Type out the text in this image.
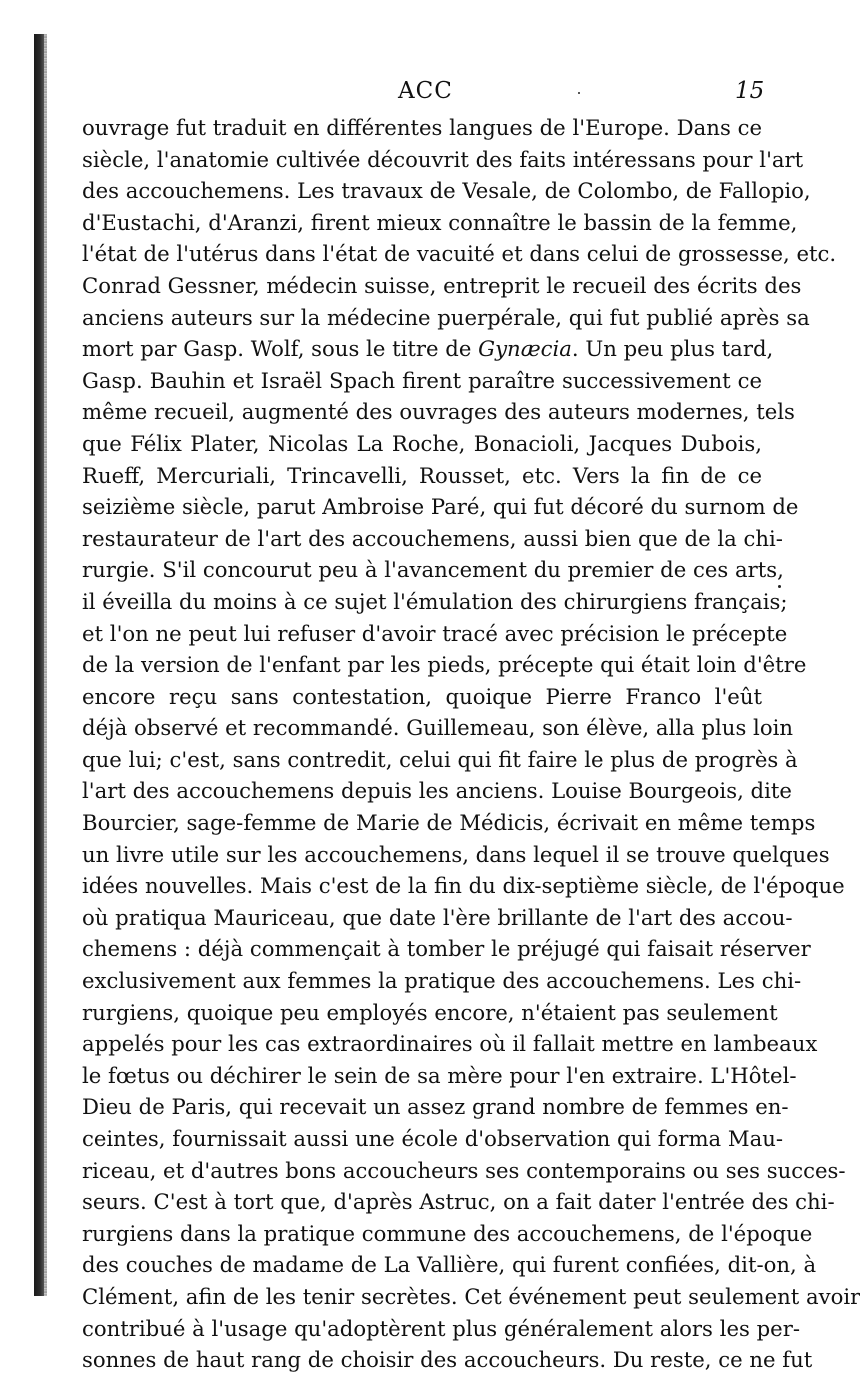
ACC	15
ouvrage fut traduit en différentes langues de l'Europe. Dans ce
siècle, l'anatomie cultivée découvrit des faits intéressans pour l'art
des accouchemens. Les travaux de Vesale, de Colombo, de Fallopio,
d'Eustachi, d'Aranzi, firent mieux connaître le bassin de la femme,
l'état de l'utérus dans l'état de vacuité et dans celui de grossesse, etc.
Conrad Gessner, médecin suisse, entreprit le recueil des écrits des
anciens auteurs sur la médecine puerpérale, qui fut publié après sa
mort par Gasp. Wolf, sous le titre de Gynæcia. Un peu plus tard,
Gasp. Bauhin et Israël Spach firent paraître successivement ce
même recueil, augmenté des ouvrages des auteurs modernes, tels
que Félix Plater, Nicolas La Roche, Bonacioli, Jacques Dubois,
Rueff, Mercuriali, Trincavelli, Rousset, etc. Vers la fin de ce
seizième siècle, parut Ambroise Paré, qui fut décoré du surnom de
restaurateur de l'art des accouchemens, aussi bien que de la chi-
rurgie. S'il concourut peu à l'avancement du premier de ces arts,
il éveilla du moins à ce sujet l'émulation des chirurgiens français;
et l'on ne peut lui refuser d'avoir tracé avec précision le précepte
de la version de l'enfant par les pieds, précepte qui était loin d'être
encore reçu sans contestation, quoique Pierre Franco l'eût
déjà observé et recommandé. Guillemeau, son élève, alla plus loin
que lui; c'est, sans contredit, celui qui fit faire le plus de progrès à
l'art des accouchemens depuis les anciens. Louise Bourgeois, dite
Bourcier, sage-femme de Marie de Médicis, écrivait en même temps
un livre utile sur les accouchemens, dans lequel il se trouve quelques
idées nouvelles. Mais c'est de la fin du dix-septième siècle, de l'époque
où pratiqua Mauriceau, que date l'ère brillante de l'art des accou-
chemens : déjà commençait à tomber le préjugé qui faisait réserver
exclusivement aux femmes la pratique des accouchemens. Les chi-
rurgiens, quoique peu employés encore, n'étaient pas seulement
appelés pour les cas extraordinaires où il fallait mettre en lambeaux
le fœtus ou déchirer le sein de sa mère pour l'en extraire. L'Hôtel-
Dieu de Paris, qui recevait un assez grand nombre de femmes en-
ceintes, fournissait aussi une école d'observation qui forma Mau-
riceau, et d'autres bons accoucheurs ses contemporains ou ses succes-
seurs. C'est à tort que, d'après Astruc, on a fait dater l'entrée des chi-
rurgiens dans la pratique commune des accouchemens, de l'époque
des couches de madame de La Vallière, qui furent confiées, dit-on, à
Clément, afin de les tenir secrètes. Cet événement peut seulement avoir
contribué à l'usage qu'adoptèrent plus généralement alors les per-
sonnes de haut rang de choisir des accoucheurs. Du reste, ce ne fut
